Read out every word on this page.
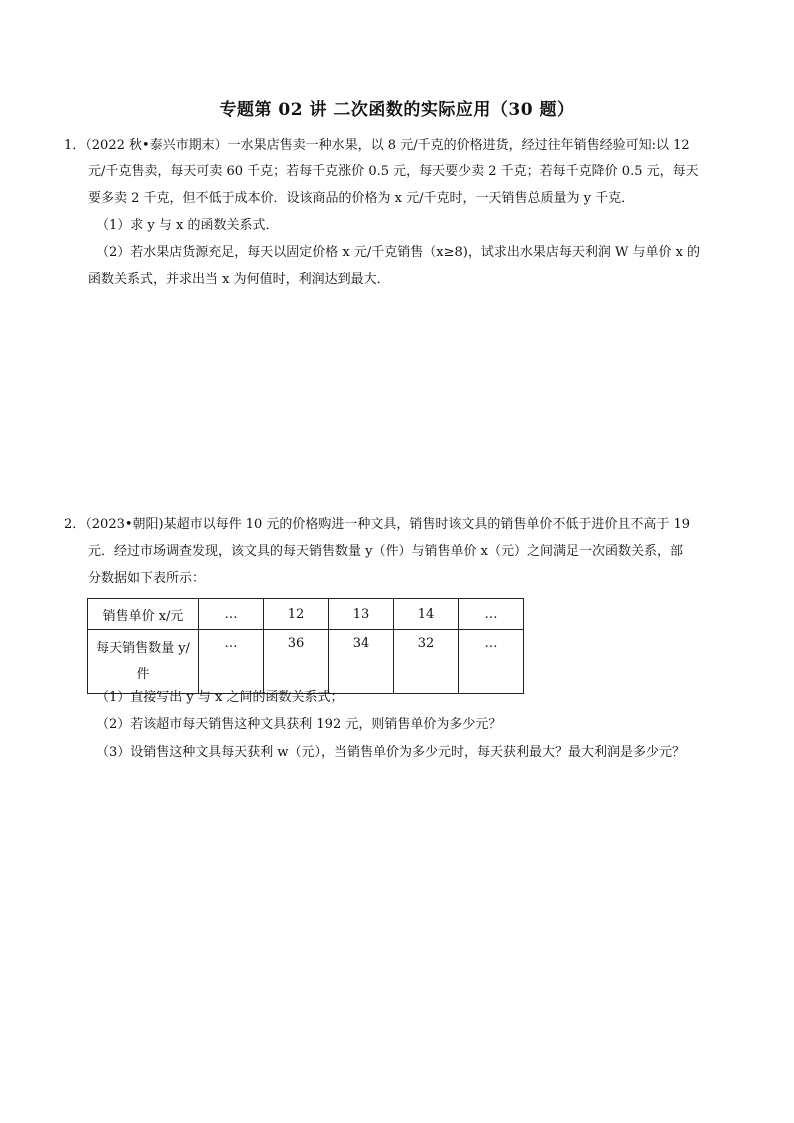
专题第 02 讲 二次函数的实际应用（30 题）
1．（2022 秋•泰兴市期末）一水果店售卖一种水果，以 8 元/千克的价格进货，经过往年销售经验可知:以 12
元/千克售卖，每天可卖 60 千克；若每千克涨价 0.5 元，每天要少卖 2 千克；若每千克降价 0.5 元，每天
要多卖 2 千克，但不低于成本价．设该商品的价格为 x 元/千克时，一天销售总质量为 y 千克．
（1）求 y 与 x 的函数关系式．
（2）若水果店货源充足，每天以固定价格 x 元/千克销售（x≥8)，试求出水果店每天利润 W 与单价 x 的
函数关系式，并求出当 x 为何值时，利润达到最大．
2．（2023•朝阳)某超市以每件 10 元的价格购进一种文具，销售时该文具的销售单价不低于进价且不高于 19
元．经过市场调查发现，该文具的每天销售数量 y（件）与销售单价 x（元）之间满足一次函数关系，部
分数据如下表所示：
销售单价 x/元	…	12	13	14	…

每天销售数量 y/
件	…	36	34	32	…
（1）直接写出 y 与 x 之间的函数关系式；
（2）若该超市每天销售这种文具获利 192 元，则销售单价为多少元？
（3）设销售这种文具每天获利 w（元），当销售单价为多少元时，每天获利最大？最大利润是多少元？
